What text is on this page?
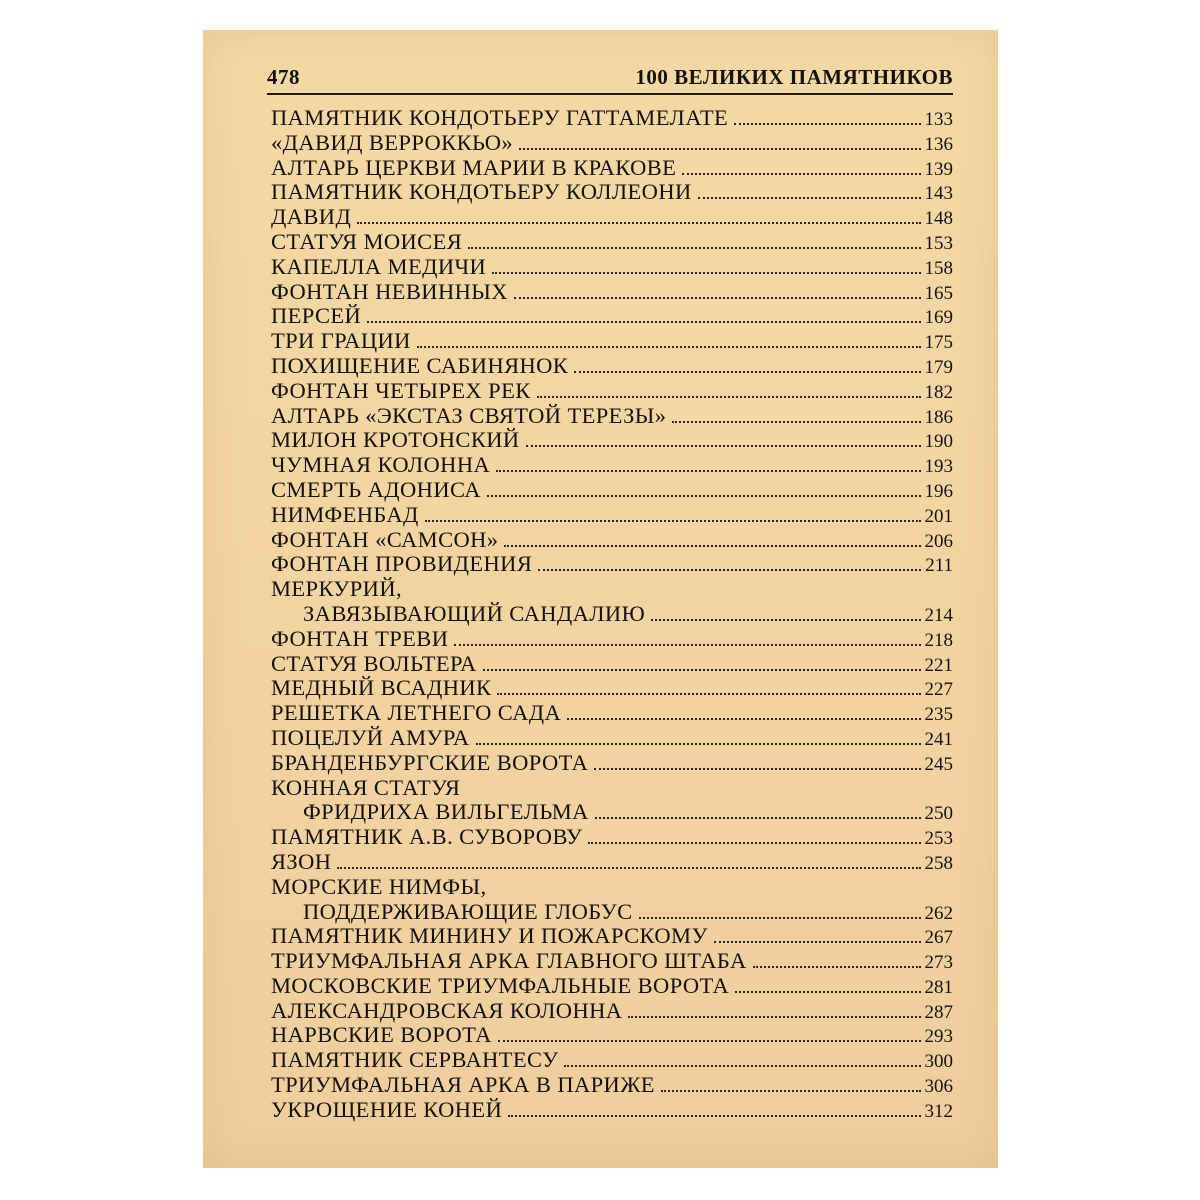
478	100 ВЕЛИКИХ ПАМЯТНИКОВ
ПАМЯТНИК КОНДОТЬЕРУ ГАТТАМЕЛАТЕ	133
«ДАВИД ВЕРРОККЬО»	136
АЛТАРЬ ЦЕРКВИ МАРИИ В КРАКОВЕ	139
ПАМЯТНИК КОНДОТЬЕРУ КОЛЛЕОНИ	143
ДАВИД	148
СТАТУЯ МОИСЕЯ	153
КАПЕЛЛА МЕДИЧИ	158
ФОНТАН НЕВИННЫХ	165
ПЕРСЕЙ	169
ТРИ ГРАЦИИ	175
ПОХИЩЕНИЕ САБИНЯНОК	179
ФОНТАН ЧЕТЫРЕХ РЕК	182
АЛТАРЬ «ЭКСТАЗ СВЯТОЙ ТЕРЕЗЫ»	186
МИЛОН КРОТОНСКИЙ	190
ЧУМНАЯ КОЛОННА	193
СМЕРТЬ АДОНИСА	196
НИМФЕНБАД	201
ФОНТАН «САМСОН»	206
ФОНТАН ПРОВИДЕНИЯ	211
МЕРКУРИЙ,
ЗАВЯЗЫВАЮЩИЙ САНДАЛИЮ	214
ФОНТАН ТРЕВИ	218
СТАТУЯ ВОЛЬТЕРА	221
МЕДНЫЙ ВСАДНИК	227
РЕШЕТКА ЛЕТНЕГО САДА	235
ПОЦЕЛУЙ АМУРА	241
БРАНДЕНБУРГСКИЕ ВОРОТА	245
КОННАЯ СТАТУЯ
ФРИДРИХА ВИЛЬГЕЛЬМА	250
ПАМЯТНИК А.В. СУВОРОВУ	253
ЯЗОН	258
МОРСКИЕ НИМФЫ,
ПОДДЕРЖИВАЮЩИЕ ГЛОБУС	262
ПАМЯТНИК МИНИНУ И ПОЖАРСКОМУ	267
ТРИУМФАЛЬНАЯ АРКА ГЛАВНОГО ШТАБА	273
МОСКОВСКИЕ ТРИУМФАЛЬНЫЕ ВОРОТА	281
АЛЕКСАНДРОВСКАЯ КОЛОННА	287
НАРВСКИЕ ВОРОТА	293
ПАМЯТНИК СЕРВАНТЕСУ	300
ТРИУМФАЛЬНАЯ АРКА В ПАРИЖЕ	306
УКРОЩЕНИЕ КОНЕЙ	312
